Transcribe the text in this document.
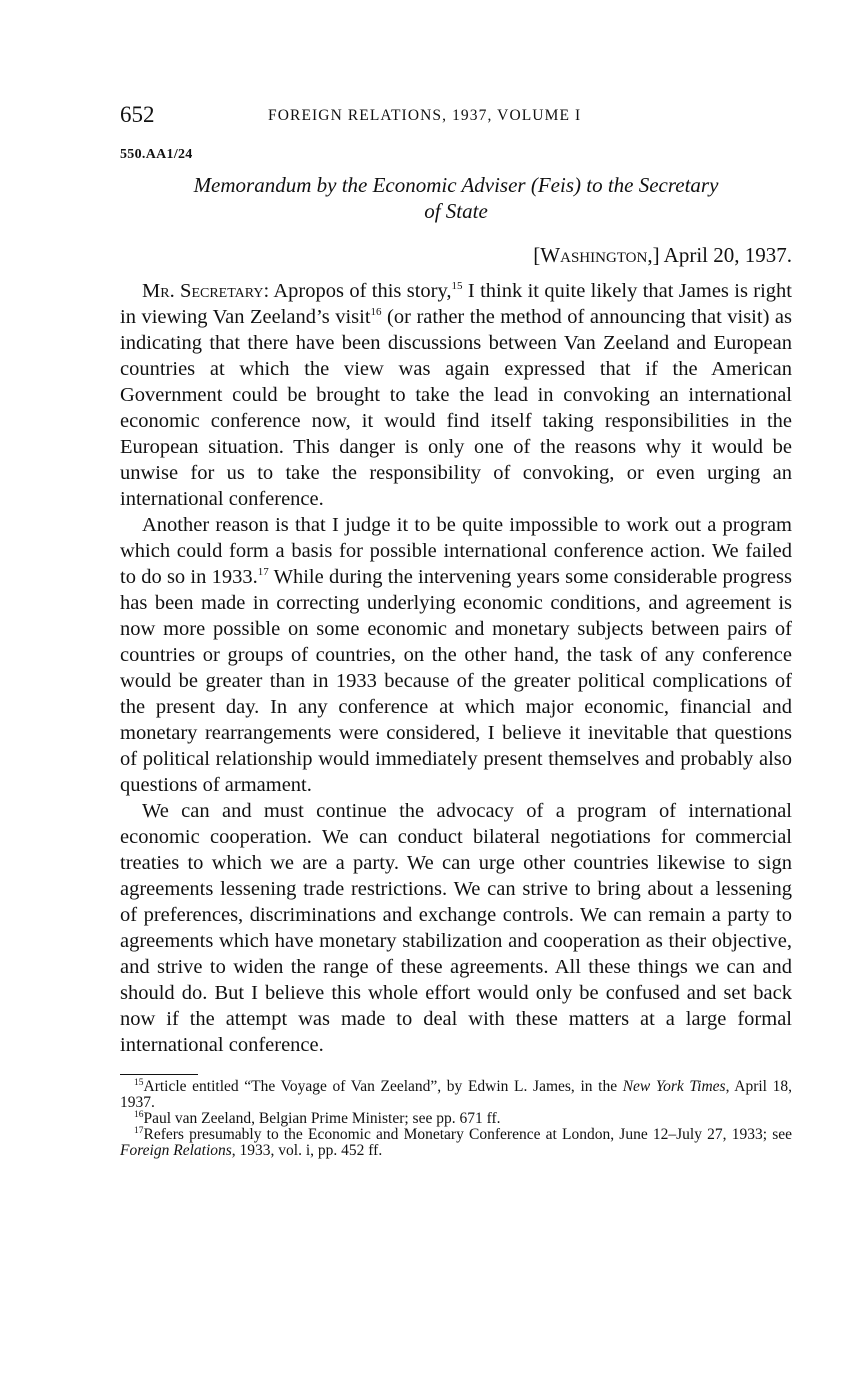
652	FOREIGN RELATIONS, 1937, VOLUME I
550.AA1/24
Memorandum by the Economic Adviser (Feis) to the Secretary
of State
[Washington,] April 20, 1937.

Mr. Secretary: Apropos of this story,$^{15}$ I think it quite likely that James is right in viewing Van Zeeland’s visit$^{16}$ (or rather the method of announcing that visit) as indicating that there have been discussions between Van Zeeland and European countries at which the view was again expressed that if the American Government could be brought to take the lead in convoking an international economic conference now, it would find itself taking responsibilities in the European situation. This danger is only one of the reasons why it would be unwise for us to take the responsibility of convoking, or even urging an international conference.

Another reason is that I judge it to be quite impossible to work out a program which could form a basis for possible international conference action. We failed to do so in 1933.17 While during the intervening years some considerable progress has been made in correcting underlying economic conditions, and agreement is now more possible on some economic and monetary subjects between pairs of countries or groups of countries, on the other hand, the task of any conference would be greater than in 1933 because of the greater political complications of the present day. In any conference at which major economic, financial and monetary rearrangements were considered, I believe it inevitable that questions of political relationship would immediately present themselves and probably also questions of armament.

We can and must continue the advocacy of a program of international economic cooperation. We can conduct bilateral negotiations for commercial treaties to which we are a party. We can urge other countries likewise to sign agreements lessening trade restrictions. We can strive to bring about a lessening of preferences, discriminations and exchange controls. We can remain a party to agreements which have monetary stabilization and cooperation as their objective, and strive to widen the range of these agreements. All these things we can and should do. But I believe this whole effort would only be confused and set back now if the attempt was made to deal with these matters at a large formal international conference.

$^{15}$Article entitled “The Voyage of Van Zeeland”, by Edwin L. James, in the New York Times, April 18, 1937.

$^{16}$Paul van Zeeland, Belgian Prime Minister; see pp. 671 ff.

$^{17}$Refers presumably to the Economic and Monetary Conference at London, June 12–July 27, 1933; see Foreign Relations, 1933, vol. i, pp. 452 ff.
